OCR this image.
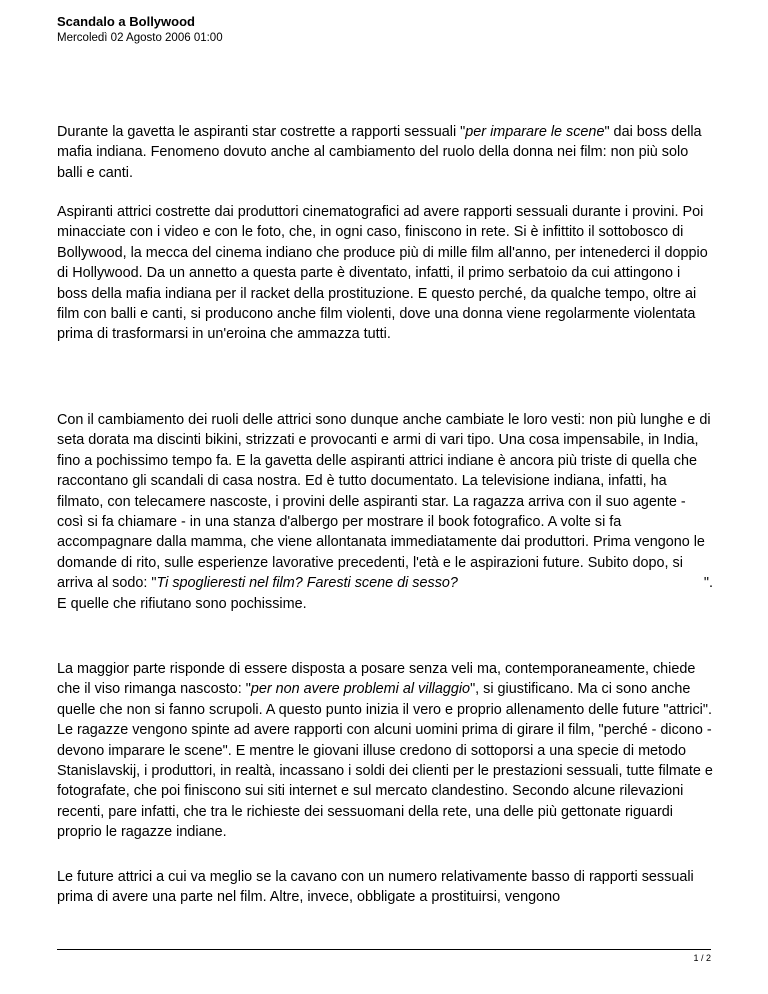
Scandalo a Bollywood
Mercoledì 02 Agosto 2006 01:00

Durante la gavetta le aspiranti star costrette a rapporti sessuali "per imparare le scene" dai boss della mafia indiana. Fenomeno dovuto anche al cambiamento del ruolo della donna nei film: non più solo balli e canti.

Aspiranti attrici costrette dai produttori cinematografici ad avere rapporti sessuali durante i provini. Poi minacciate con i video e con le foto, che, in ogni caso, finiscono in rete. Si è infittito il sottobosco di Bollywood, la mecca del cinema indiano che produce più di mille film all'anno, per intenederci il doppio di Hollywood. Da un annetto a questa parte è diventato, infatti, il primo serbatoio da cui attingono i boss della mafia indiana per il racket della prostituzione. E questo perché, da qualche tempo, oltre ai film con balli e canti, si producono anche film violenti, dove una donna viene regolarmente violentata prima di trasformarsi in un'eroina che ammazza tutti.

Con il cambiamento dei ruoli delle attrici sono dunque anche cambiate le loro vesti: non più lunghe e di seta dorata ma discinti bikini, strizzati e provocanti e armi di vari tipo. Una cosa impensabile, in India, fino a pochissimo tempo fa. E la gavetta delle aspiranti attrici indiane è ancora più triste di quella che raccontano gli scandali di casa nostra. Ed è tutto documentato. La televisione indiana, infatti, ha filmato, con telecamere nascoste, i provini delle aspiranti star. La ragazza arriva con il suo agente - così si fa chiamare - in una stanza d'albergo per mostrare il book fotografico. A volte si fa accompagnare dalla mamma, che viene allontanata immediatamente dai produttori. Prima vengono le domande di rito, sulle esperienze lavorative precedenti, l'età e le aspirazioni future. Subito dopo, si arriva al sodo: "Ti spoglieresti nel film? Faresti scene di sesso?	".

E quelle che rifiutano sono pochissime.

La maggior parte risponde di essere disposta a posare senza veli ma, contemporaneamente, chiede che il viso rimanga nascosto: "per non avere problemi al villaggio", si giustificano. Ma ci sono anche quelle che non si fanno scrupoli. A questo punto inizia il vero e proprio allenamento delle future "attrici". Le ragazze vengono spinte ad avere rapporti con alcuni uomini prima di girare il film, "perché - dicono - devono imparare le scene". E mentre le giovani illuse credono di sottoporsi a una specie di metodo Stanislavskij, i produttori, in realtà, incassano i soldi dei clienti per le prestazioni sessuali, tutte filmate e fotografate, che poi finiscono sui siti internet e sul mercato clandestino. Secondo alcune rilevazioni recenti, pare infatti, che tra le richieste dei sessuomani della rete, una delle più gettonate riguardi proprio le ragazze indiane.

Le future attrici a cui va meglio se la cavano con un numero relativamente basso di rapporti sessuali prima di avere una parte nel film. Altre, invece, obbligate a prostituirsi, vengono

1 / 2
